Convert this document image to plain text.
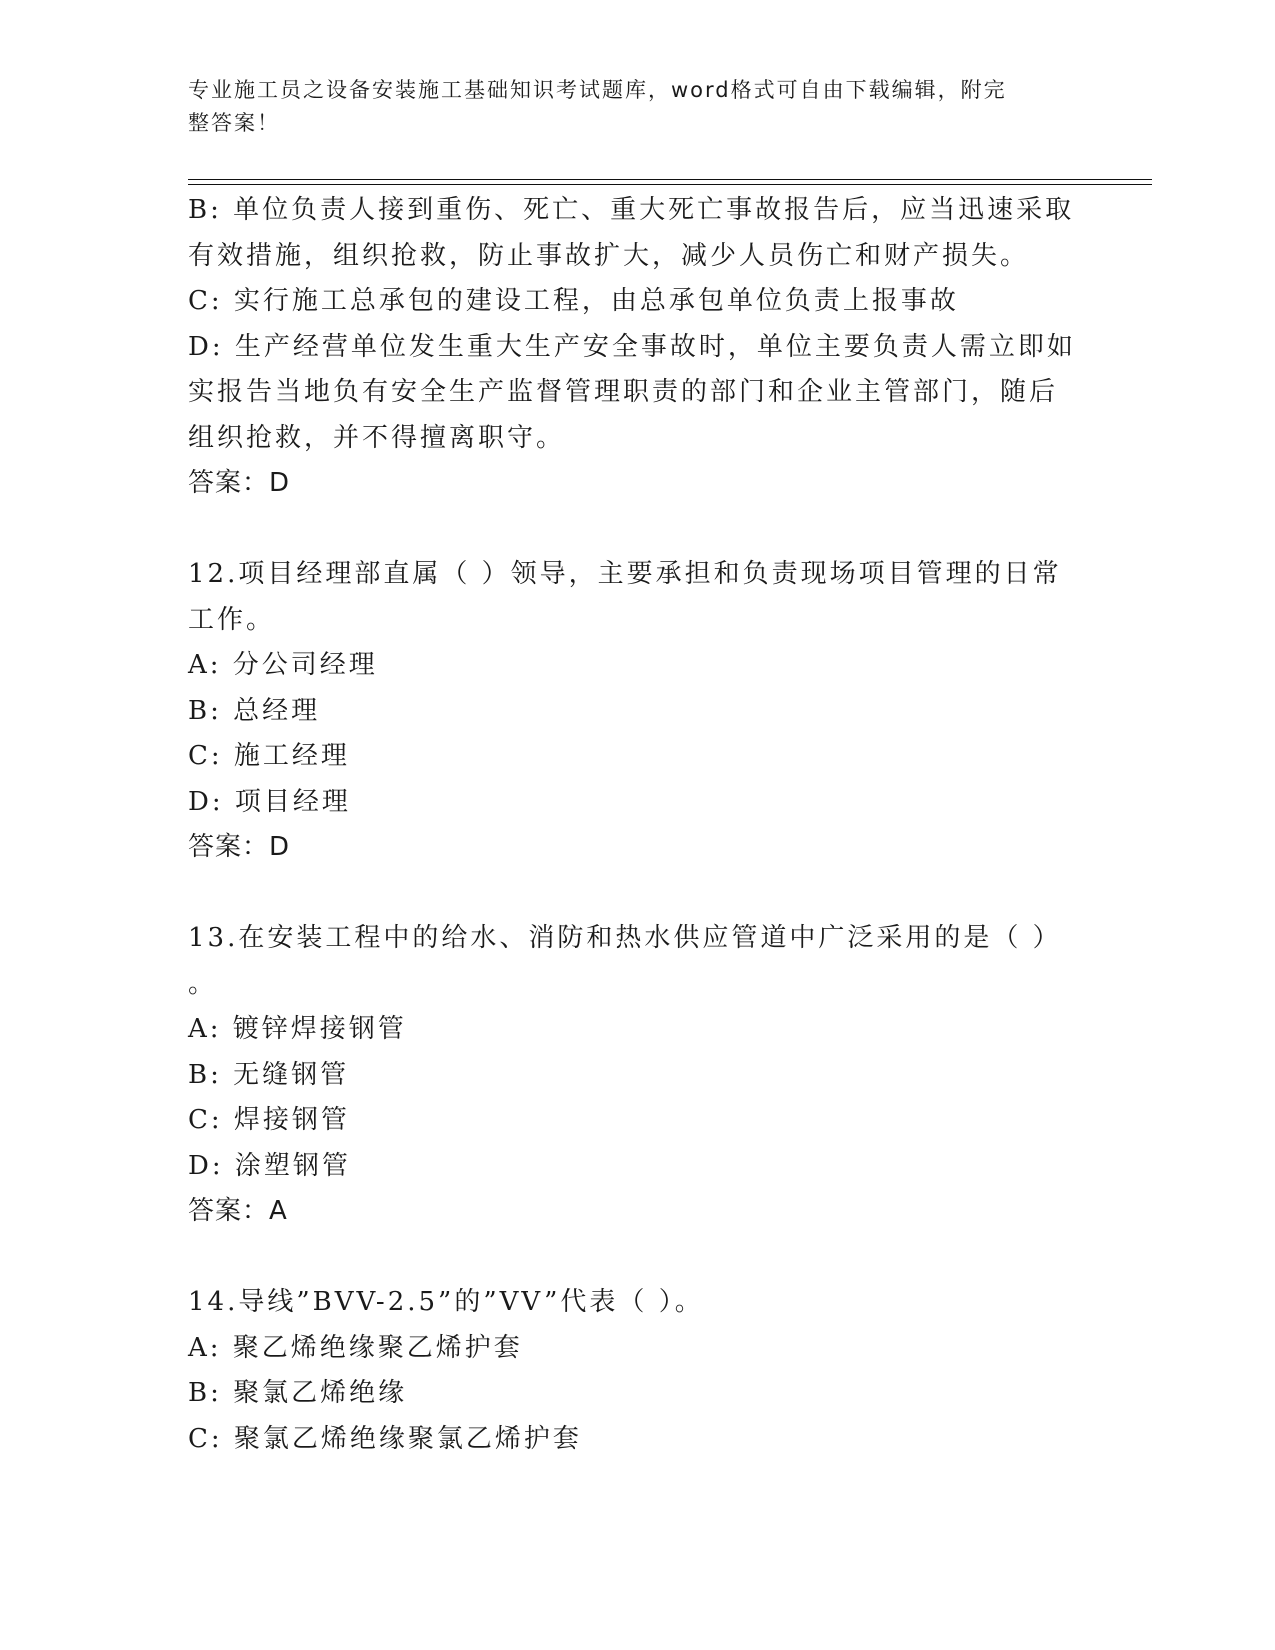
专业施工员之设备安装施工基础知识考试题库，word格式可自由下载编辑，附完
整答案！

B: 单位负责人接到重伤、死亡、重大死亡事故报告后，应当迅速采取

有效措施，组织抢救，防止事故扩大，减少人员伤亡和财产损失。

C: 实行施工总承包的建设工程，由总承包单位负责上报事故

D: 生产经营单位发生重大生产安全事故时，单位主要负责人需立即如

实报告当地负有安全生产监督管理职责的部门和企业主管部门，随后

组织抢救，并不得擅离职守。

答案：D

12.项目经理部直属（ ）领导，主要承担和负责现场项目管理的日常

工作。

A: 分公司经理

B: 总经理

C: 施工经理

D: 项目经理

答案：D

13.在安装工程中的给水、消防和热水供应管道中广泛采用的是（ ）

。

A: 镀锌焊接钢管

B: 无缝钢管

C: 焊接钢管

D: 涂塑钢管

答案：A

14.导线”BVV-2.5”的”VV”代表（ ）。

A: 聚乙烯绝缘聚乙烯护套

B: 聚氯乙烯绝缘

C: 聚氯乙烯绝缘聚氯乙烯护套
